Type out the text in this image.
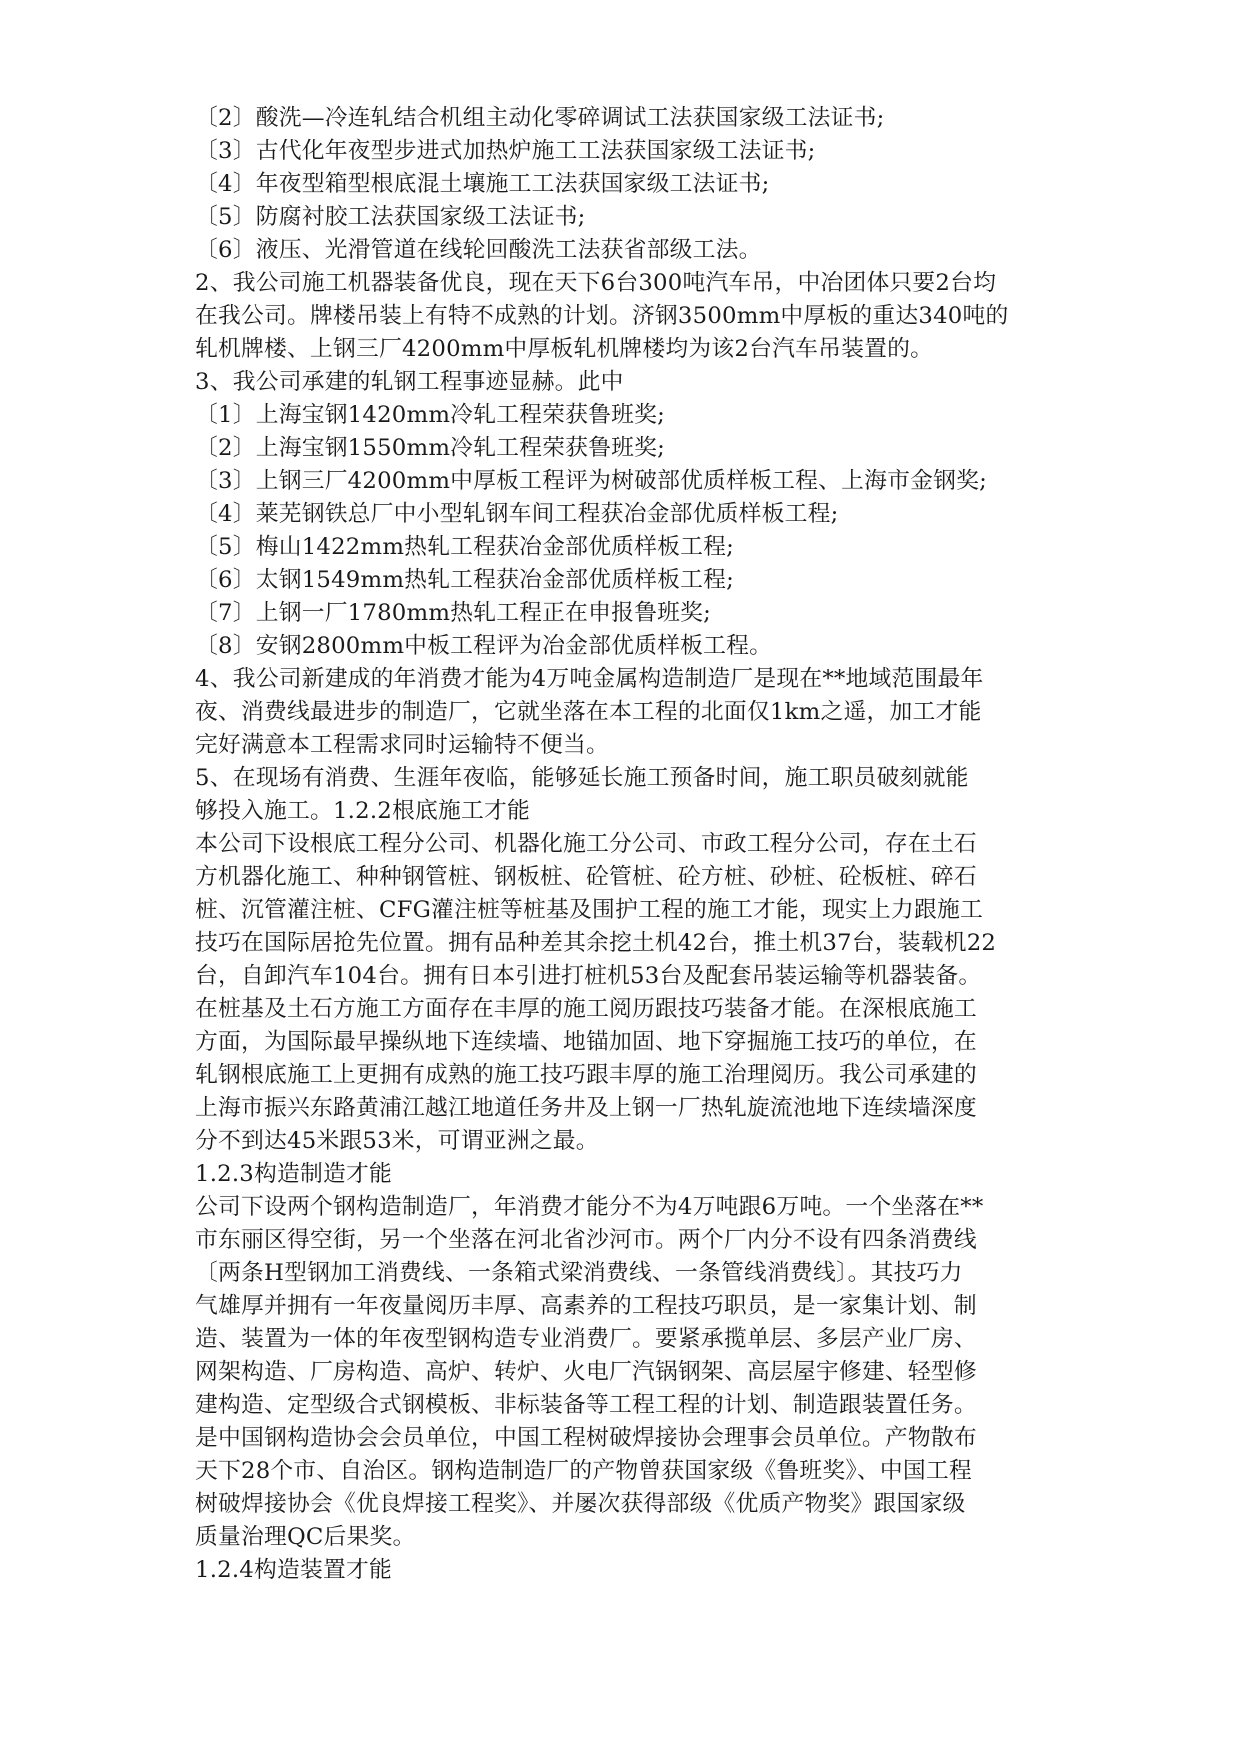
〔2〕酸洗—冷连轧结合机组主动化零碎调试工法获国家级工法证书;
〔3〕古代化年夜型步进式加热炉施工工法获国家级工法证书;
〔4〕年夜型箱型根底混土壤施工工法获国家级工法证书;
〔5〕防腐衬胶工法获国家级工法证书;
〔6〕液压、光滑管道在线轮回酸洗工法获省部级工法。
2、我公司施工机器装备优良，现在天下6台300吨汽车吊，中冶团体只要2台均
在我公司。牌楼吊装上有特不成熟的计划。济钢3500mm中厚板的重达340吨的
轧机牌楼、上钢三厂4200mm中厚板轧机牌楼均为该2台汽车吊装置的。
3、我公司承建的轧钢工程事迹显赫。此中
〔1〕上海宝钢1420mm冷轧工程荣获鲁班奖;
〔2〕上海宝钢1550mm冷轧工程荣获鲁班奖;
〔3〕上钢三厂4200mm中厚板工程评为树破部优质样板工程、上海市金钢奖;
〔4〕莱芜钢铁总厂中小型轧钢车间工程获冶金部优质样板工程;
〔5〕梅山1422mm热轧工程获冶金部优质样板工程;
〔6〕太钢1549mm热轧工程获冶金部优质样板工程;
〔7〕上钢一厂1780mm热轧工程正在申报鲁班奖;
〔8〕安钢2800mm中板工程评为冶金部优质样板工程。
4、我公司新建成的年消费才能为4万吨金属构造制造厂是现在**地域范围最年
夜、消费线最进步的制造厂，它就坐落在本工程的北面仅1km之遥，加工才能
完好满意本工程需求同时运输特不便当。
5、在现场有消费、生涯年夜临，能够延长施工预备时间，施工职员破刻就能
够投入施工。1.2.2根底施工才能
本公司下设根底工程分公司、机器化施工分公司、市政工程分公司，存在土石
方机器化施工、种种钢管桩、钢板桩、砼管桩、砼方桩、砂桩、砼板桩、碎石
桩、沉管灌注桩、CFG灌注桩等桩基及围护工程的施工才能，现实上力跟施工
技巧在国际居抢先位置。拥有品种差其余挖土机42台，推土机37台，装载机22
台，自卸汽车104台。拥有日本引进打桩机53台及配套吊装运输等机器装备。
在桩基及土石方施工方面存在丰厚的施工阅历跟技巧装备才能。在深根底施工
方面，为国际最早操纵地下连续墙、地锚加固、地下穿掘施工技巧的单位，在
轧钢根底施工上更拥有成熟的施工技巧跟丰厚的施工治理阅历。我公司承建的
上海市振兴东路黄浦江越江地道任务井及上钢一厂热轧旋流池地下连续墙深度
分不到达45米跟53米，可谓亚洲之最。
1.2.3构造制造才能
公司下设两个钢构造制造厂，年消费才能分不为4万吨跟6万吨。一个坐落在**
市东丽区得空街，另一个坐落在河北省沙河市。两个厂内分不设有四条消费线
〔两条H型钢加工消费线、一条箱式梁消费线、一条管线消费线〕。其技巧力
气雄厚并拥有一年夜量阅历丰厚、高素养的工程技巧职员，是一家集计划、制
造、装置为一体的年夜型钢构造专业消费厂。要紧承揽单层、多层产业厂房、
网架构造、厂房构造、高炉、转炉、火电厂汽锅钢架、高层屋宇修建、轻型修
建构造、定型级合式钢模板、非标装备等工程工程的计划、制造跟装置任务。
是中国钢构造协会会员单位，中国工程树破焊接协会理事会员单位。产物散布
天下28个市、自治区。钢构造制造厂的产物曾获国家级《鲁班奖》、中国工程
树破焊接协会《优良焊接工程奖》、并屡次获得部级《优质产物奖》跟国家级
质量治理QC后果奖。
1.2.4构造装置才能
